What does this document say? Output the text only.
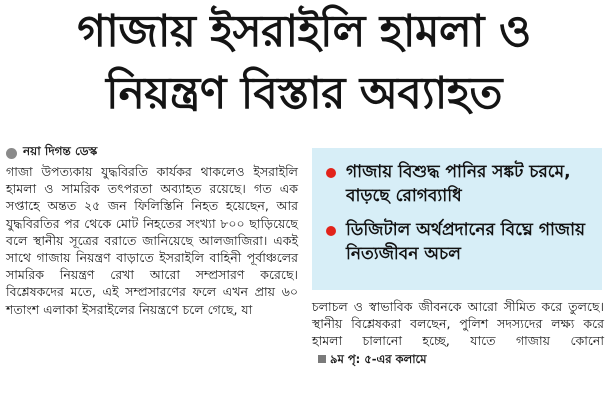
গাজায় ইসরাইলি হামলা ও
নিয়ন্ত্রণ বিস্তার অব্যাহত
নয়া দিগন্ত ডেস্ক
গাজা উপত্যকায় যুদ্ধবিরতি কার্যকর থাকলেও ইসরাইলি হামলা ও সামরিক তৎপরতা অব্যাহত রয়েছে। গত এক সপ্তাহে অন্তত ২৫ জন ফিলিস্তিনি নিহত হয়েছেন, আর যুদ্ধবিরতির পর থেকে মোট নিহতের সংখ্যা ৮০০ ছাড়িয়েছে বলে স্থানীয় সূত্রের বরাতে জানিয়েছে আলজাজিরা। একই সাথে গাজায় নিয়ন্ত্রণ বাড়াতে ইসরাইলি বাহিনী পূর্বাঞ্চলের সামরিক নিয়ন্ত্রণ রেখা আরো সম্প্রসারণ করেছে। বিশ্লেষকদের মতে, এই সম্প্রসারণের ফলে এখন প্রায় ৬০ শতাংশ এলাকা ইসরাইলের নিয়ন্ত্রণে চলে গেছে, যা
গাজায় বিশুদ্ধ পানির সঙ্কট চরমে, বাড়ছে রোগব্যাধি
ডিজিটাল অর্থপ্রদানের বিঘ্নে গাজায় নিত্যজীবন অচল
চলাচল ও স্বাভাবিক জীবনকে আরো সীমিত করে তুলছে। স্থানীয় বিশ্লেষকরা বলছেন, পুলিশ সদস্যদের লক্ষ্য করে হামলা চালানো হচ্ছে, যাতে গাজায় কোনো ৯ম পৃ: ৫-এর কলামে
